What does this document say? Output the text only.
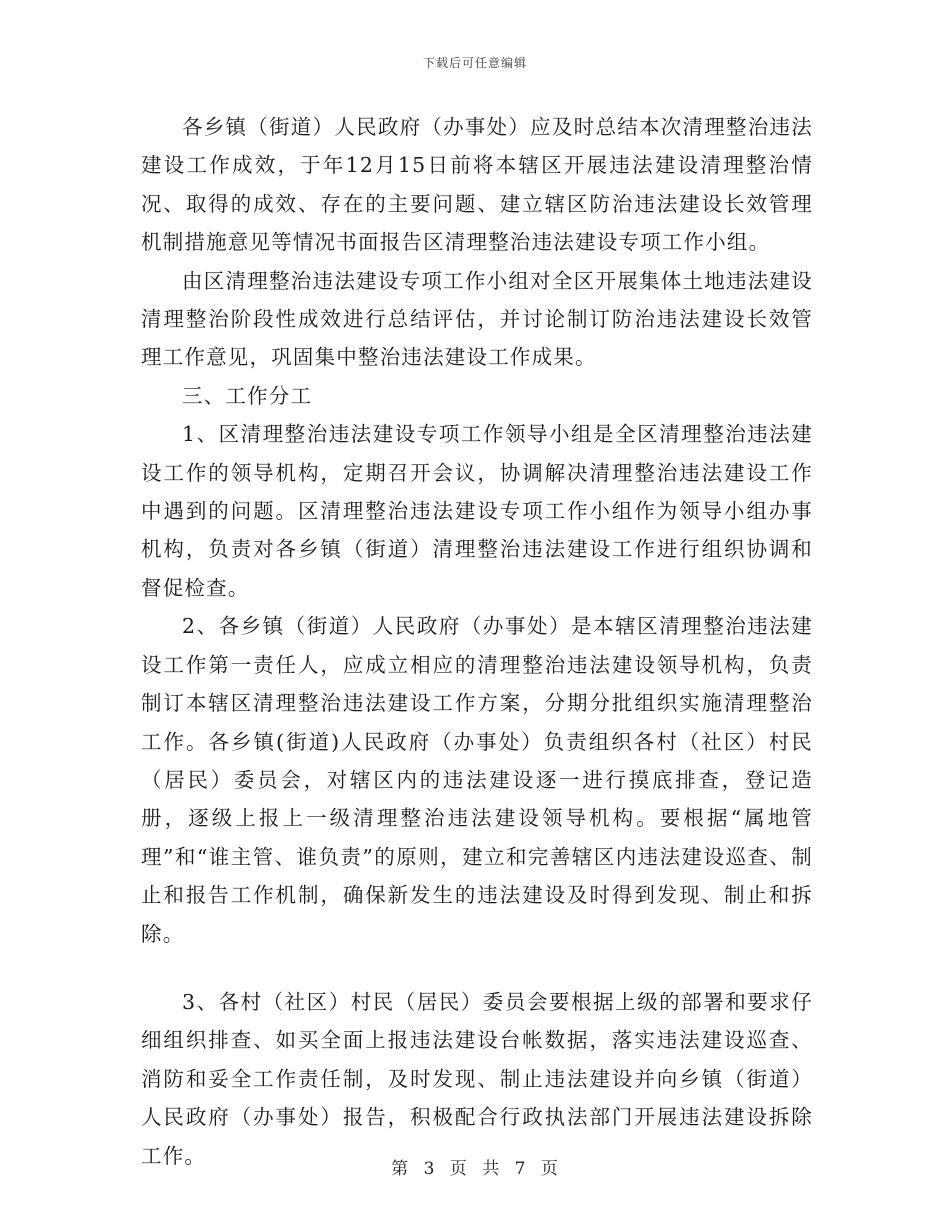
下载后可任意编辑

各乡镇（街道）人民政府（办事处）应及时总结本次清理整治违法建设工作成效，于年12月15日前将本辖区开展违法建设清理整治情况、取得的成效、存在的主要问题、建立辖区防治违法建设长效管理机制措施意见等情况书面报告区清理整治违法建设专项工作小组。

由区清理整治违法建设专项工作小组对全区开展集体土地违法建设清理整治阶段性成效进行总结评估，并讨论制订防治违法建设长效管理工作意见，巩固集中整治违法建设工作成果。

三、工作分工

1、区清理整治违法建设专项工作领导小组是全区清理整治违法建设工作的领导机构，定期召开会议，协调解决清理整治违法建设工作中遇到的问题。区清理整治违法建设专项工作小组作为领导小组办事机构，负责对各乡镇（街道）清理整治违法建设工作进行组织协调和督促检查。

2、各乡镇（街道）人民政府（办事处）是本辖区清理整治违法建设工作第一责任人，应成立相应的清理整治违法建设领导机构，负责制订本辖区清理整治违法建设工作方案，分期分批组织实施清理整治工作。各乡镇(街道)人民政府（办事处）负责组织各村（社区）村民（居民）委员会，对辖区内的违法建设逐一进行摸底排查，登记造册，逐级上报上一级清理整治违法建设领导机构。要根据“属地管理”和“谁主管、谁负责”的原则，建立和完善辖区内违法建设巡查、制止和报告工作机制，确保新发生的违法建设及时得到发现、制止和拆除。

3、各村（社区）村民（居民）委员会要根据上级的部署和要求仔细组织排查、如买全面上报违法建设台帐数据，落实违法建设巡查、消防和妥全工作责任制，及时发现、制止违法建设并向乡镇（街道）人民政府（办事处）报告，积极配合行政执法部门开展违法建设拆除工作。

第 3 页 共 7 页
